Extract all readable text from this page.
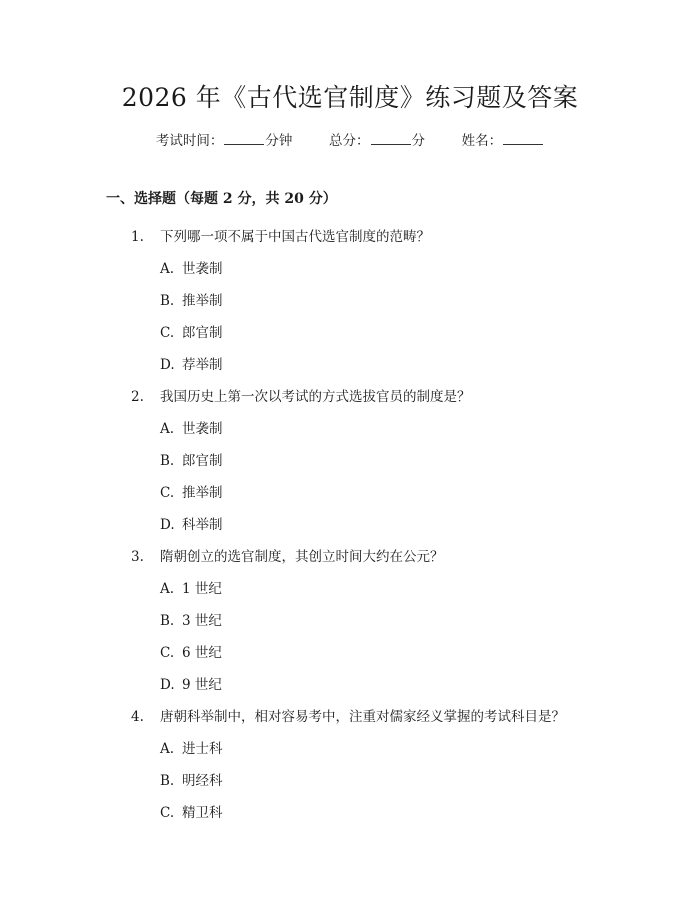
2026 年《古代选官制度》练习题及答案
考试时间：	分钟	总分：	分	姓名：
一、选择题（每题 2 分，共 20 分）
1. 下列哪一项不属于中国古代选官制度的范畴？
A. 世袭制
B. 推举制
C. 郎官制
D. 荐举制
2. 我国历史上第一次以考试的方式选拔官员的制度是？
A. 世袭制
B. 郎官制
C. 推举制
D. 科举制
3. 隋朝创立的选官制度，其创立时间大约在公元？
A. 1 世纪
B. 3 世纪
C. 6 世纪
D. 9 世纪
4. 唐朝科举制中，相对容易考中，注重对儒家经义掌握的考试科目是？
A. 进士科
B. 明经科
C. 精卫科
